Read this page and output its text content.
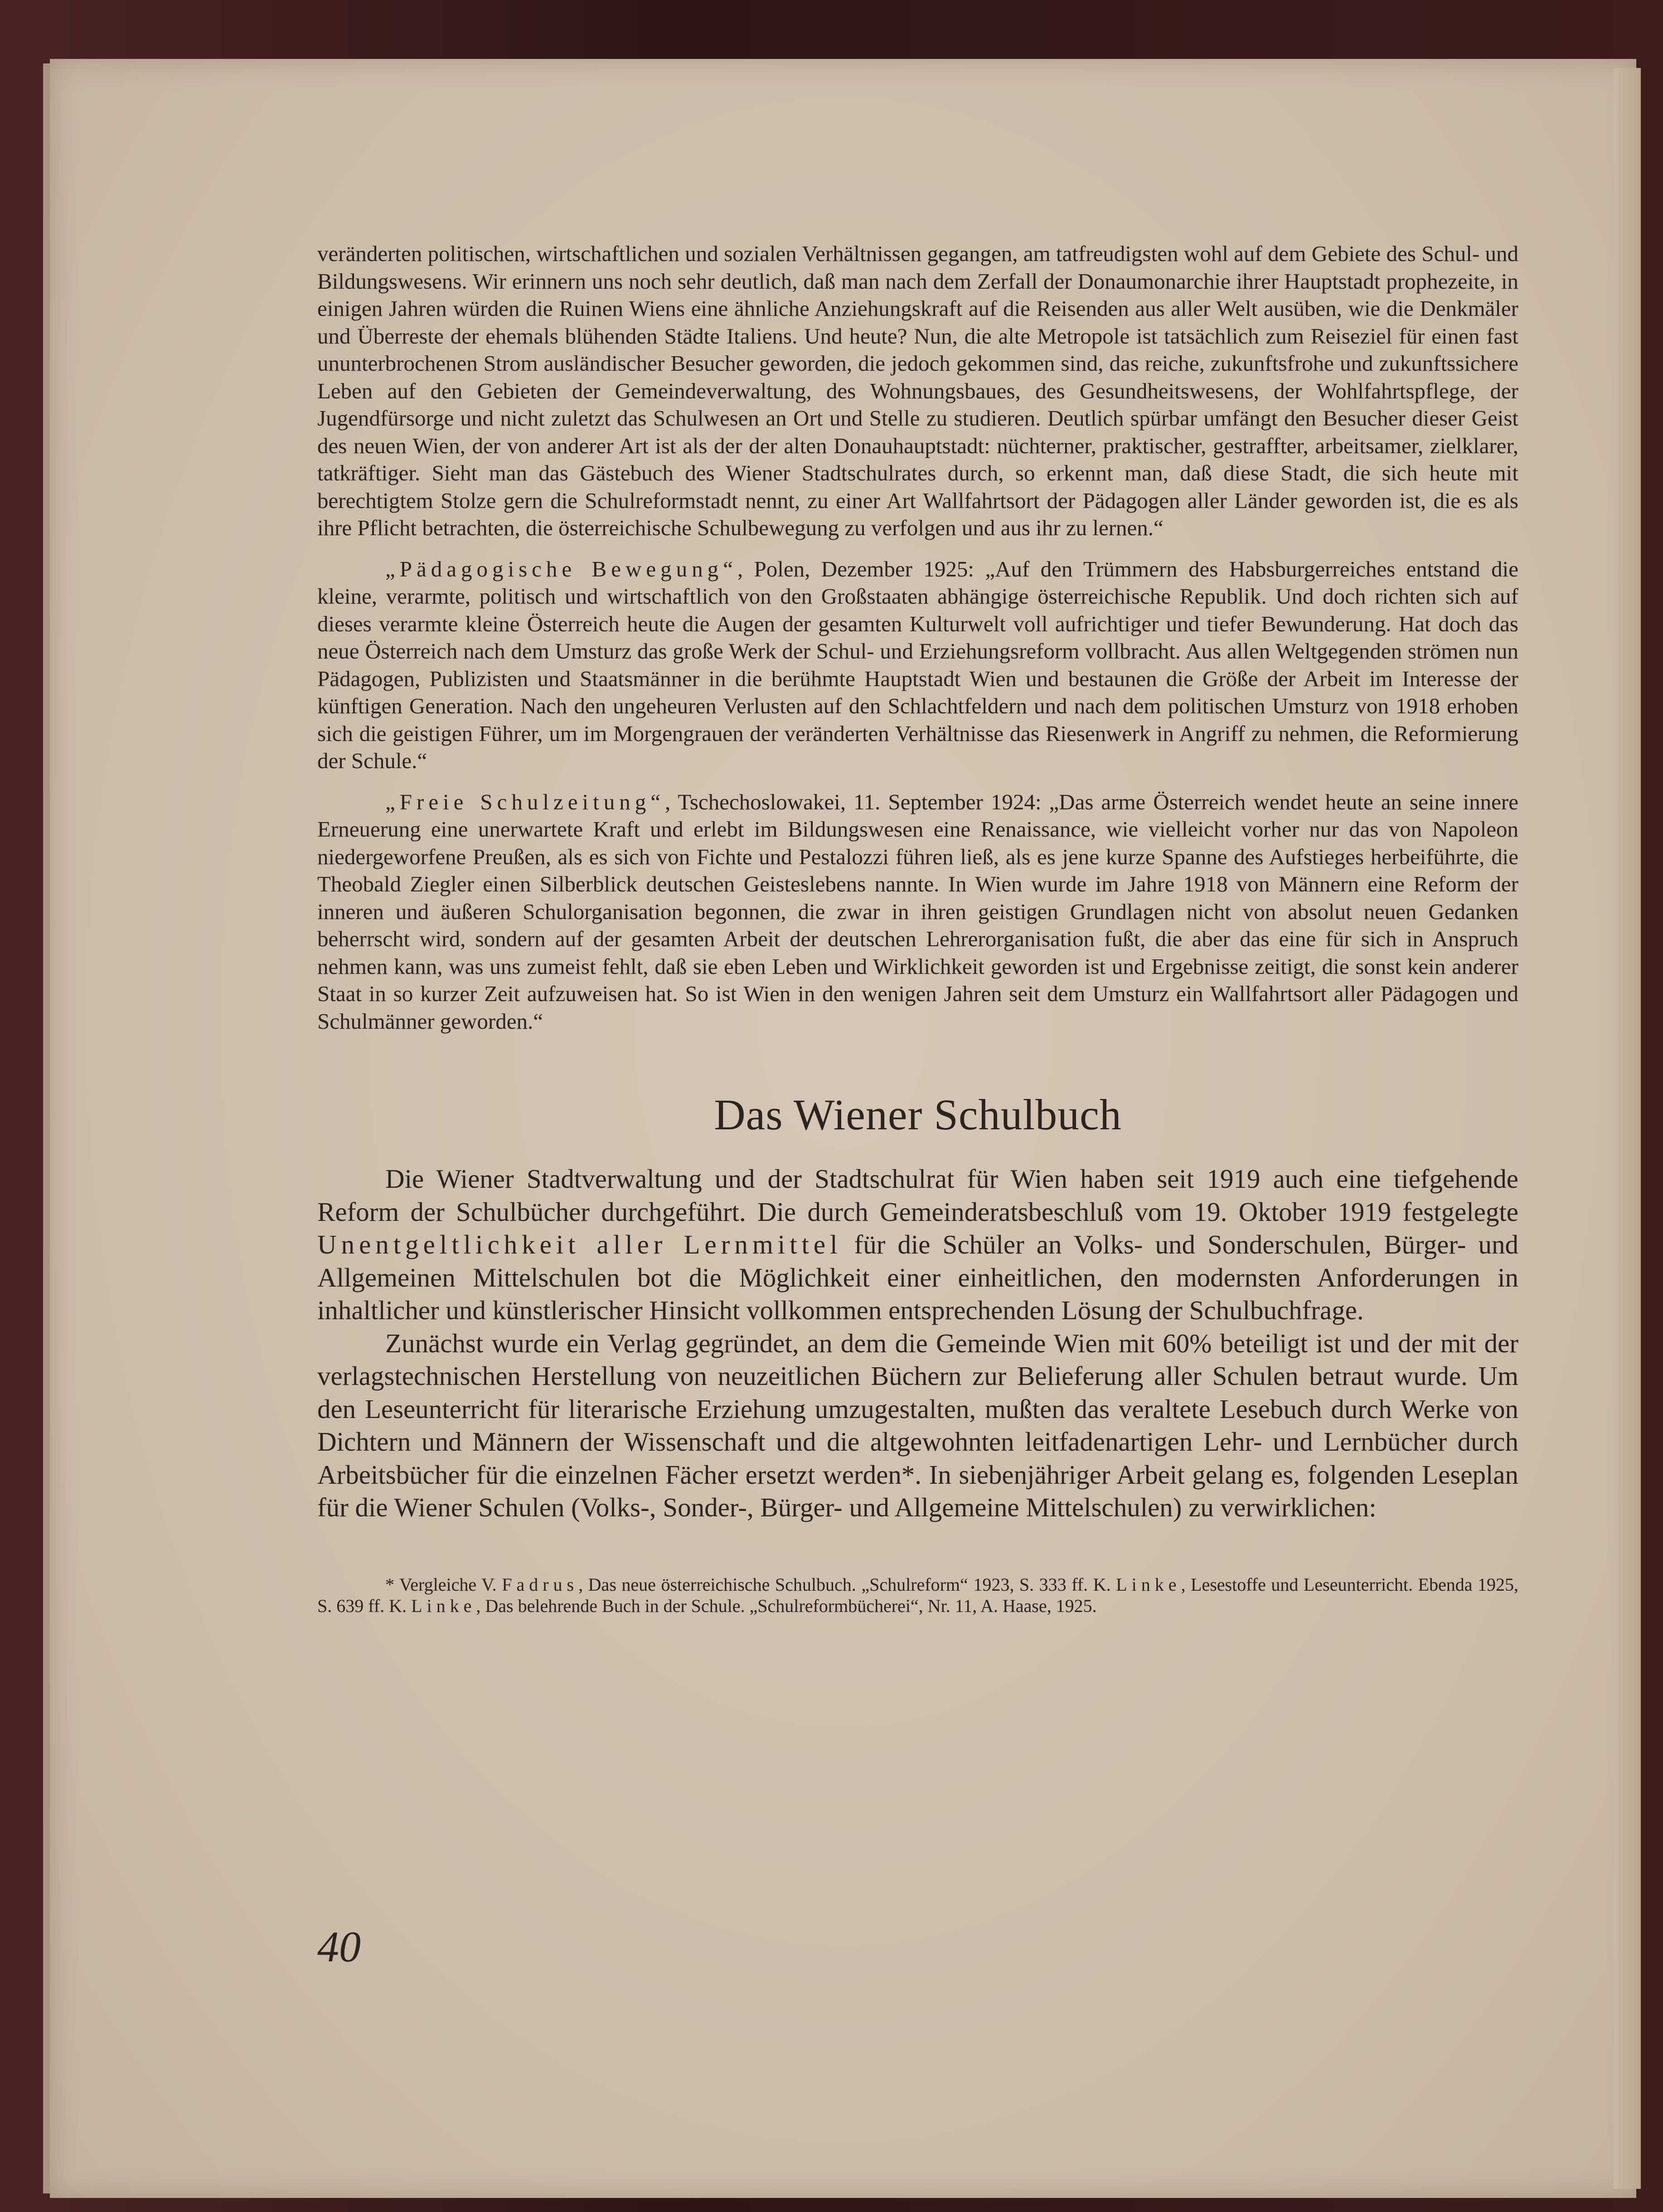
veränderten politischen, wirtschaftlichen und sozialen Verhältnissen gegangen, am tatfreudigsten wohl auf dem Gebiete des Schul- und Bildungswesens. Wir erinnern uns noch sehr deutlich, daß man nach dem Zerfall der Donaumonarchie ihrer Hauptstadt prophezeite, in einigen Jahren würden die Ruinen Wiens eine ähnliche Anziehungskraft auf die Reisenden aus aller Welt ausüben, wie die Denkmäler und Überreste der ehemals blühenden Städte Italiens. Und heute? Nun, die alte Metropole ist tatsächlich zum Reiseziel für einen fast ununterbrochenen Strom ausländischer Besucher geworden, die jedoch gekommen sind, das reiche, zukunftsfrohe und zukunftssichere Leben auf den Gebieten der Gemeindeverwaltung, des Wohnungsbaues, des Gesundheitswesens, der Wohlfahrtspflege, der Jugendfürsorge und nicht zuletzt das Schulwesen an Ort und Stelle zu studieren. Deutlich spürbar umfängt den Besucher dieser Geist des neuen Wien, der von anderer Art ist als der der alten Donauhauptstadt: nüchterner, praktischer, gestraffter, arbeitsamer, zielklarer, tatkräftiger. Sieht man das Gästebuch des Wiener Stadtschulrates durch, so erkennt man, daß diese Stadt, die sich heute mit berechtigtem Stolze gern die Schulreformstadt nennt, zu einer Art Wallfahrtsort der Pädagogen aller Länder geworden ist, die es als ihre Pflicht betrachten, die österreichische Schulbewegung zu verfolgen und aus ihr zu lernen.“

„Pädagogische Bewegung“, Polen, Dezember 1925: „Auf den Trümmern des Habsburgerreiches entstand die kleine, verarmte, politisch und wirtschaftlich von den Großstaaten abhängige österreichische Republik. Und doch richten sich auf dieses verarmte kleine Österreich heute die Augen der gesamten Kulturwelt voll aufrichtiger und tiefer Bewunderung. Hat doch das neue Österreich nach dem Umsturz das große Werk der Schul- und Erziehungsreform vollbracht. Aus allen Weltgegenden strömen nun Pädagogen, Publizisten und Staatsmänner in die berühmte Hauptstadt Wien und bestaunen die Größe der Arbeit im Interesse der künftigen Generation. Nach den ungeheuren Verlusten auf den Schlachtfeldern und nach dem politischen Umsturz von 1918 erhoben sich die geistigen Führer, um im Morgengrauen der veränderten Verhältnisse das Riesenwerk in Angriff zu nehmen, die Reformierung der Schule.“

„Freie Schulzeitung“, Tschechoslowakei, 11. September 1924: „Das arme Österreich wendet heute an seine innere Erneuerung eine unerwartete Kraft und erlebt im Bildungswesen eine Renaissance, wie vielleicht vorher nur das von Napoleon niedergeworfene Preußen, als es sich von Fichte und Pestalozzi führen ließ, als es jene kurze Spanne des Aufstieges herbeiführte, die Theobald Ziegler einen Silberblick deutschen Geisteslebens nannte. In Wien wurde im Jahre 1918 von Männern eine Reform der inneren und äußeren Schulorganisation begonnen, die zwar in ihren geistigen Grundlagen nicht von absolut neuen Gedanken beherrscht wird, sondern auf der gesamten Arbeit der deutschen Lehrerorganisation fußt, die aber das eine für sich in Anspruch nehmen kann, was uns zumeist fehlt, daß sie eben Leben und Wirklichkeit geworden ist und Ergebnisse zeitigt, die sonst kein anderer Staat in so kurzer Zeit aufzuweisen hat. So ist Wien in den wenigen Jahren seit dem Umsturz ein Wallfahrtsort aller Pädagogen und Schulmänner geworden.“

Das Wiener Schulbuch

Die Wiener Stadtverwaltung und der Stadtschulrat für Wien haben seit 1919 auch eine tiefgehende Reform der Schulbücher durchgeführt. Die durch Gemeinderatsbeschluß vom 19. Oktober 1919 festgelegte Unentgeltlichkeit aller Lernmittel für die Schüler an Volks- und Sonderschulen, Bürger- und Allgemeinen Mittelschulen bot die Möglichkeit einer einheitlichen, den modernsten Anforderungen in inhaltlicher und künstlerischer Hinsicht vollkommen entsprechenden Lösung der Schulbuchfrage.

Zunächst wurde ein Verlag gegründet, an dem die Gemeinde Wien mit 60% beteiligt ist und der mit der verlagstechnischen Herstellung von neuzeitlichen Büchern zur Belieferung aller Schulen betraut wurde. Um den Leseunterricht für literarische Erziehung umzugestalten, mußten das veraltete Lesebuch durch Werke von Dichtern und Männern der Wissenschaft und die altgewohnten leitfadenartigen Lehr- und Lernbücher durch Arbeitsbücher für die einzelnen Fächer ersetzt werden*. In siebenjähriger Arbeit gelang es, folgenden Leseplan für die Wiener Schulen (Volks-, Sonder-, Bürger- und Allgemeine Mittelschulen) zu verwirklichen:

* Vergleiche V. Fadrus, Das neue österreichische Schulbuch. „Schulreform“ 1923, S. 333 ff. K. Linke, Lesestoffe und Leseunterricht. Ebenda 1925, S. 639 ff. K. Linke, Das belehrende Buch in der Schule. „Schulreformbücherei“, Nr. 11, A. Haase, 1925.

40
